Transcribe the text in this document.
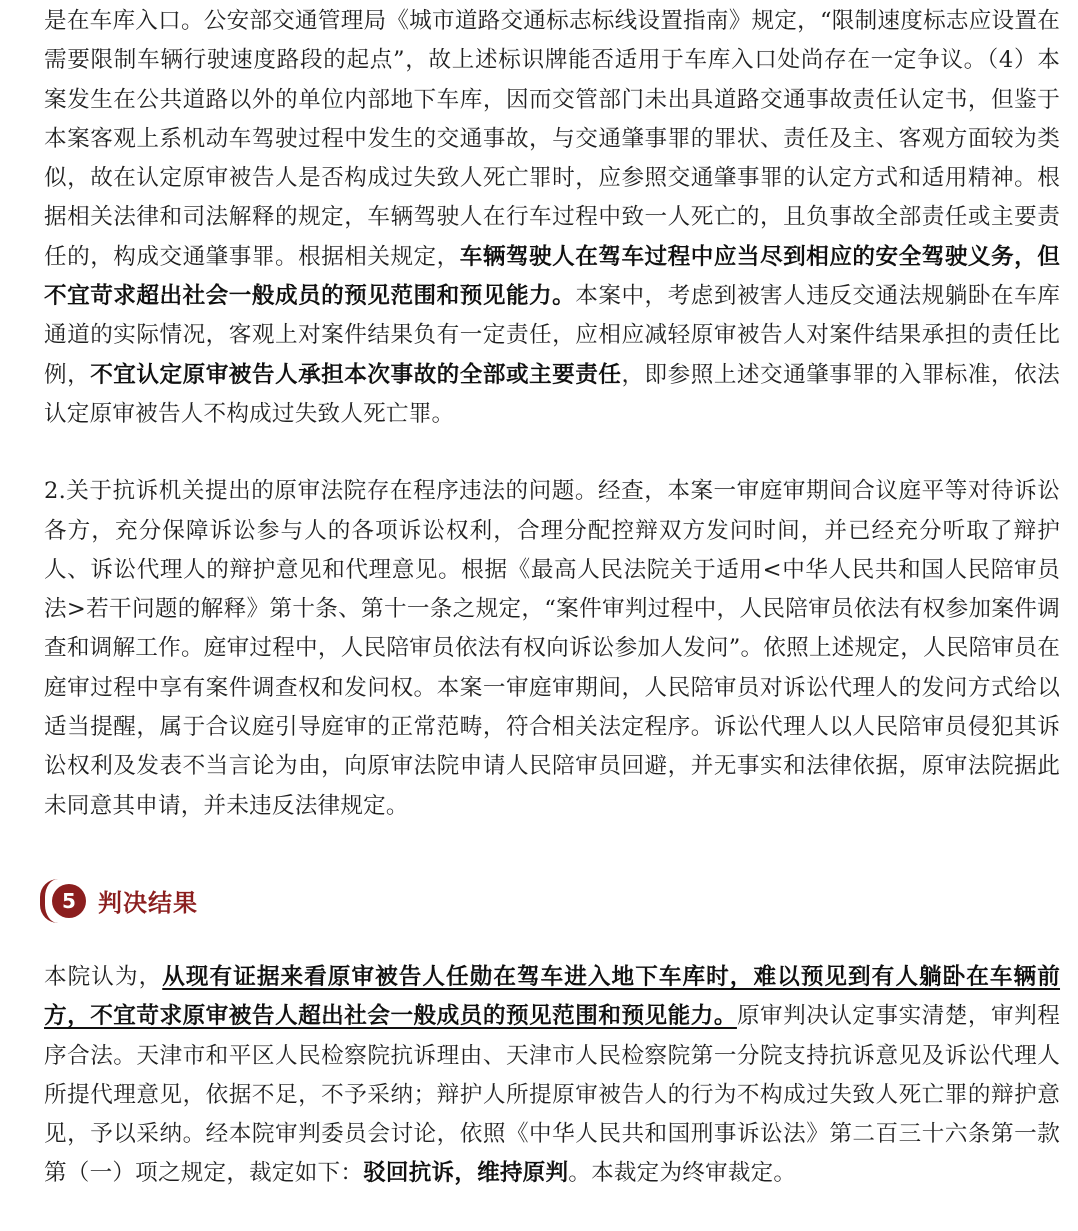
是在车库入口。公安部交通管理局《城市道路交通标志标线设置指南》规定，“限制速度标志应设置在需要限制车辆行驶速度路段的起点”，故上述标识牌能否适用于车库入口处尚存在一定争议。（4）本案发生在公共道路以外的单位内部地下车库，因而交管部门未出具道路交通事故责任认定书，但鉴于本案客观上系机动车驾驶过程中发生的交通事故，与交通肇事罪的罪状、责任及主、客观方面较为类似，故在认定原审被告人是否构成过失致人死亡罪时，应参照交通肇事罪的认定方式和适用精神。根据相关法律和司法解释的规定，车辆驾驶人在行车过程中致一人死亡的，且负事故全部责任或主要责任的，构成交通肇事罪。根据相关规定，车辆驾驶人在驾车过程中应当尽到相应的安全驾驶义务，但不宜苛求超出社会一般成员的预见范围和预见能力。本案中，考虑到被害人违反交通法规躺卧在车库通道的实际情况，客观上对案件结果负有一定责任，应相应减轻原审被告人对案件结果承担的责任比例，不宜认定原审被告人承担本次事故的全部或主要责任，即参照上述交通肇事罪的入罪标准，依法认定原审被告人不构成过失致人死亡罪。

2.关于抗诉机关提出的原审法院存在程序违法的问题。经查，本案一审庭审期间合议庭平等对待诉讼各方，充分保障诉讼参与人的各项诉讼权利，合理分配控辩双方发问时间，并已经充分听取了辩护人、诉讼代理人的辩护意见和代理意见。根据《最高人民法院关于适用<中华人民共和国人民陪审员法>若干问题的解释》第十条、第十一条之规定，“案件审判过程中，人民陪审员依法有权参加案件调查和调解工作。庭审过程中，人民陪审员依法有权向诉讼参加人发问”。依照上述规定，人民陪审员在庭审过程中享有案件调查权和发问权。本案一审庭审期间，人民陪审员对诉讼代理人的发问方式给以适当提醒，属于合议庭引导庭审的正常范畴，符合相关法定程序。诉讼代理人以人民陪审员侵犯其诉讼权利及发表不当言论为由，向原审法院申请人民陪审员回避，并无事实和法律依据，原审法院据此未同意其申请，并未违反法律规定。

5 判决结果

本院认为，从现有证据来看原审被告人任勋在驾车进入地下车库时，难以预见到有人躺卧在车辆前方，不宜苛求原审被告人超出社会一般成员的预见范围和预见能力。原审判决认定事实清楚，审判程序合法。天津市和平区人民检察院抗诉理由、天津市人民检察院第一分院支持抗诉意见及诉讼代理人所提代理意见，依据不足，不予采纳；辩护人所提原审被告人的行为不构成过失致人死亡罪的辩护意见，予以采纳。经本院审判委员会讨论，依照《中华人民共和国刑事诉讼法》第二百三十六条第一款第（一）项之规定，裁定如下：驳回抗诉，维持原判。本裁定为终审裁定。
